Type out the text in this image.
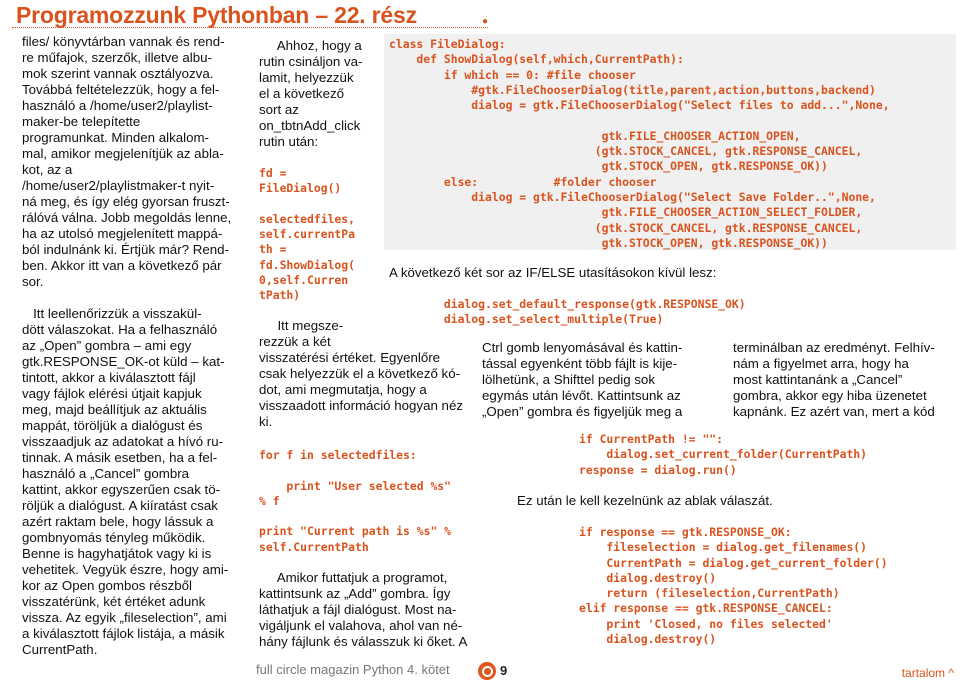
Programozzunk Pythonban – 22. rész	●
files/ könyvtárban vannak és rend-
re műfajok, szerzők, illetve albu-
mok szerint vannak osztályozva.
Továbbá feltételezzük, hogy a fel-
használó a /home/user2/playlist-
maker-be telepítette
programunkat. Minden alkalom-
mal, amikor megjelenítjük az abla-
kot, az a
/home/user2/playlistmaker-t nyit-
ná meg, és így elég gyorsan fruszt-
rálóvá válna. Jobb megoldás lenne,
ha az utolsó megjelenített mappá-
ból indulnánk ki. Értjük már? Rend-
ben. Akkor itt van a következő pár
sor.

Itt leellenőrizzük a visszakül-
dött válaszokat. Ha a felhasználó
az „Open” gombra – ami egy
gtk.RESPONSE_OK-ot küld – kat-
tintott, akkor a kiválasztott fájl
vagy fájlok elérési útjait kapjuk
meg, majd beállítjuk az aktuális
mappát, töröljük a dialógust és
visszaadjuk az adatokat a hívó ru-
tinnak. A másik esetben, ha a fel-
használó a „Cancel” gombra
kattint, akkor egyszerűen csak tö-
röljük a dialógust. A kiíratást csak
azért raktam bele, hogy lássuk a
gombnyomás tényleg működik.
Benne is hagyhatjátok vagy ki is
vehetitek. Vegyük észre, hogy ami-
kor az Open gombos részből
visszatérünk, két értéket adunk
vissza. Az egyik „fileselection”, ami
a kiválasztott fájlok listája, a másik
CurrentPath.
Ahhoz, hogy a
rutin csináljon va-
lamit, helyezzük
el a következő
sort az
on_tbtnAdd_click
rutin után:
fd =
FileDialog()

selectedfiles,
self.currentPa
th =
fd.ShowDialog(
0,self.Curren
tPath)
Itt megsze-
rezzük a két
visszatérési értéket. Egyenlőre
csak helyezzük el a következő kó-
dot, ami megmutatja, hogy a
visszaadott információ hogyan néz
ki.
for f in selectedfiles:

print "User selected %s"
% f

print "Current path is %s" %
self.CurrentPath
Amikor futtatjuk a programot,
kattintsunk az „Add” gombra. Így
láthatjuk a fájl dialógust. Most na-
vigáljunk el valahova, ahol van né-
hány fájlunk és válasszuk ki őket. A
class FileDialog:
def ShowDialog(self,which,CurrentPath):
if which == 0: #file chooser
#gtk.FileChooserDialog(title,parent,action,buttons,backend)
dialog = gtk.FileChooserDialog("Select files to add...",None,

gtk.FILE_CHOOSER_ACTION_OPEN,
(gtk.STOCK_CANCEL, gtk.RESPONSE_CANCEL,
gtk.STOCK_OPEN, gtk.RESPONSE_OK))
else:           #folder chooser
dialog = gtk.FileChooserDialog("Select Save Folder..",None,
gtk.FILE_CHOOSER_ACTION_SELECT_FOLDER,
(gtk.STOCK_CANCEL, gtk.RESPONSE_CANCEL,
gtk.STOCK_OPEN, gtk.RESPONSE_OK))
A következő két sor az IF/ELSE utasításokon kívül lesz:
dialog.set_default_response(gtk.RESPONSE_OK)
dialog.set_select_multiple(True)
Ctrl gomb lenyomásával és kattin-
tással egyenként több fájlt is kije-
lölhetünk, a Shifttel pedig sok
egymás után lévőt. Kattintsunk az
„Open” gombra és figyeljük meg a
terminálban az eredményt. Felhív-
nám a figyelmet arra, hogy ha
most kattintanánk a „Cancel”
gombra, akkor egy hiba üzenetet
kapnánk. Ez azért van, mert a kód
if CurrentPath != "":
dialog.set_current_folder(CurrentPath)
response = dialog.run()
Ez után le kell kezelnünk az ablak válaszát.
if response == gtk.RESPONSE_OK:
fileselection = dialog.get_filenames()
CurrentPath = dialog.get_current_folder()
dialog.destroy()
return (fileselection,CurrentPath)
elif response == gtk.RESPONSE_CANCEL:
print 'Closed, no files selected'
dialog.destroy()
full circle magazin Python 4. kötet	9	tartalom ^
